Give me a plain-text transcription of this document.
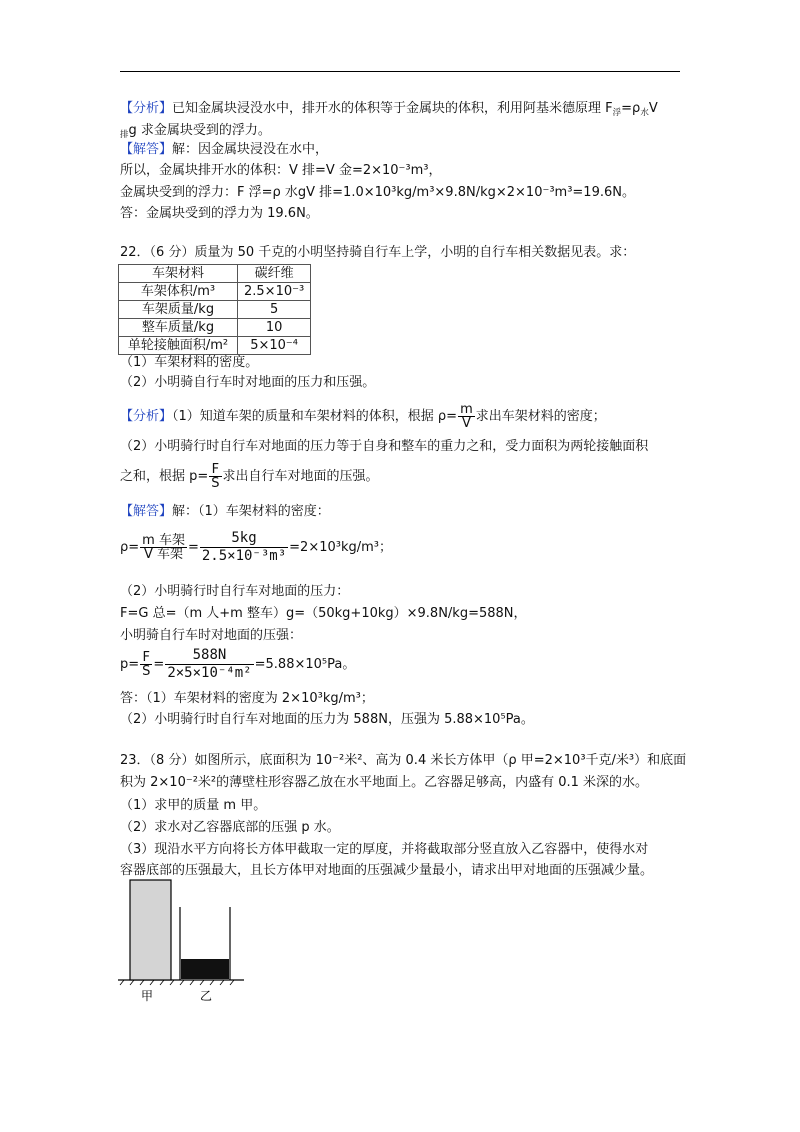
【分析】已知金属块浸没水中，排开水的体积等于金属块的体积，利用阿基米德原理 $F_浮=\rho_水V$
$_排$g 求金属块受到的浮力。
【解答】解：因金属块浸没在水中，
所以，金属块排开水的体积：V 排=V 金=2×10⁻³m³，
金属块受到的浮力：F 浮=ρ 水gV 排=1.0×10³kg/m³×9.8N/kg×2×10⁻³m³=19.6N。
答：金属块受到的浮力为 19.6N。
22．（6 分）质量为 50 千克的小明坚持骑自行车上学，小明的自行车相关数据见表。求：
车架材料	碳纤维
车架体积/m³	2.5×10⁻³
车架质量/kg	5
整车质量/kg	10
单轮接触面积/m²	5×10⁻⁴
（1）车架材料的密度。
（2）小明骑自行车时对地面的压力和压强。
【分析】（1）知道车架的质量和车架材料的体积，根据 $\rho= \frac{m}{V}$ 求出车架材料的密度；
（2）小明骑行时自行车对地面的压力等于自身和整车的重力之和，受力面积为两轮接触面积
之和，根据 $p= \frac{F}{S}$ 求出自行车对地面的压强。
【解答】解：（1）车架材料的密度：
$\rho= \frac{\text{m 车架}}{\text{V 车架}} = \frac{5kg}{\text{2.5×10⁻³m³}} =2\times 10^3kg/m^3$；
（2）小明骑行时自行车对地面的压力：
F=G 总=（m 人+m 整车）g=（50kg+10kg）×9.8N/kg=588N，
小明骑自行车时对地面的压强：
$p= \frac{F}{S} = \frac{588N}{\text{2×5×10⁻⁴m²}} =5.88\times 10^5Pa$。
答：（1）车架材料的密度为 2×10³kg/m³；
（2）小明骑行时自行车对地面的压力为 588N，压强为 5.88×10⁵Pa。
23．（8 分）如图所示，底面积为 10⁻²米²、高为 0.4 米长方体甲（ρ 甲=2×10³千克/米³）和底面
积为 2×10⁻²米²的薄壁柱形容器乙放在水平地面上。乙容器足够高，内盛有 0.1 米深的水。
（1）求甲的质量 m 甲。
（2）求水对乙容器底部的压强 p 水。
（3）现沿水平方向将长方体甲截取一定的厚度，并将截取部分竖直放入乙容器中，使得水对
容器底部的压强最大，且长方体甲对地面的压强减少量最小，请求出甲对地面的压强减少量。
甲	乙
